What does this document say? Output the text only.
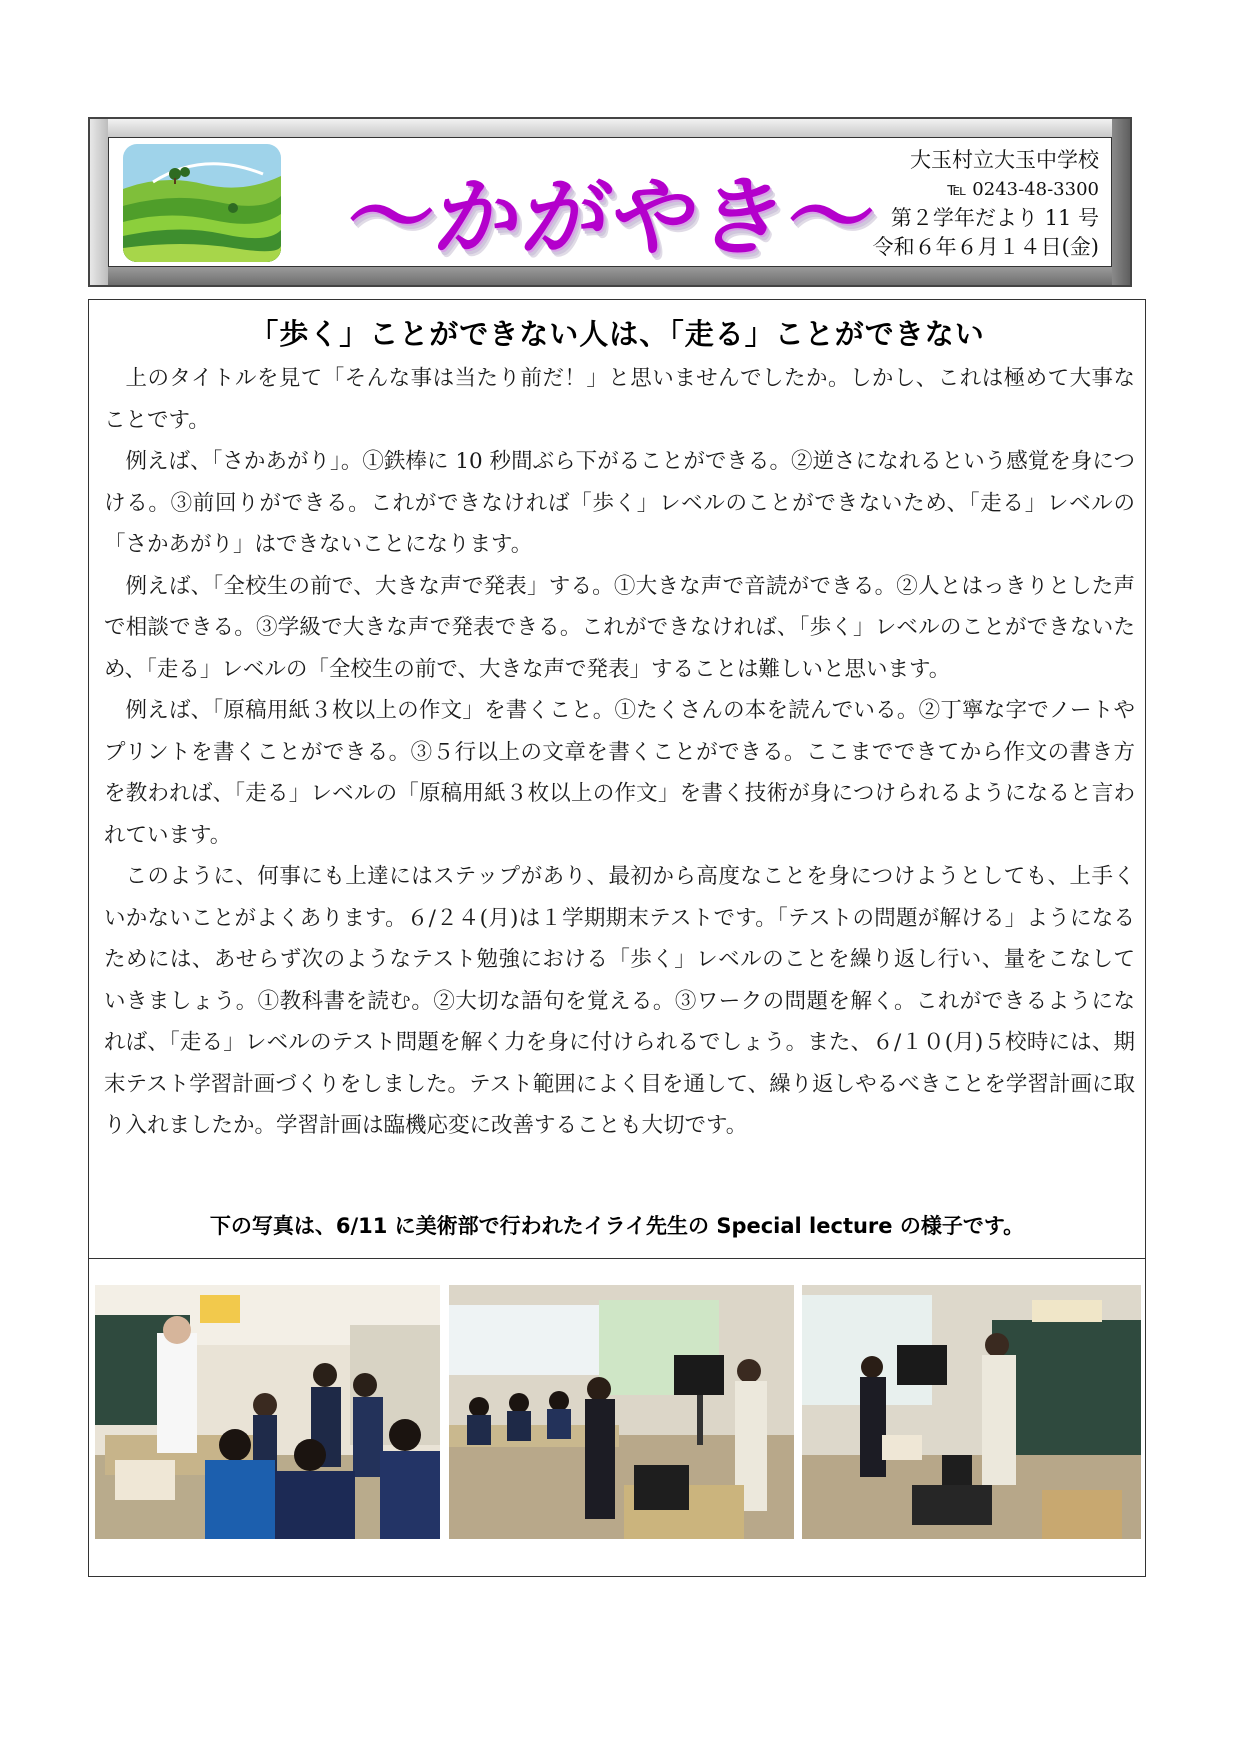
〜かがやき〜
大玉村立大玉中学校
℡ 0243-48-3300
第２学年だより 11 号
令和６年６月１４日(金)
「歩く」ことができない人は、「走る」ことができない

上のタイトルを見て「そんな事は当たり前だ！」と思いませんでしたか。しかし、これは極めて大事なことです。

例えば、「さかあがり」。①鉄棒に 10 秒間ぶら下がることができる。②逆さになれるという感覚を身につける。③前回りができる。これができなければ「歩く」レベルのことができないため、「走る」レベルの「さかあがり」はできないことになります。

例えば、「全校生の前で、大きな声で発表」する。①大きな声で音読ができる。②人とはっきりとした声で相談できる。③学級で大きな声で発表できる。これができなければ、「歩く」レベルのことができないため、「走る」レベルの「全校生の前で、大きな声で発表」することは難しいと思います。

例えば、「原稿用紙３枚以上の作文」を書くこと。①たくさんの本を読んでいる。②丁寧な字でノートやプリントを書くことができる。③５行以上の文章を書くことができる。ここまでできてから作文の書き方を教われば、「走る」レベルの「原稿用紙３枚以上の作文」を書く技術が身につけられるようになると言われています。

このように、何事にも上達にはステップがあり、最初から高度なことを身につけようとしても、上手くいかないことがよくあります。６/２４(月)は１学期期末テストです。「テストの問題が解ける」ようになるためには、あせらず次のようなテスト勉強における「歩く」レベルのことを繰り返し行い、量をこなしていきましょう。①教科書を読む。②大切な語句を覚える。③ワークの問題を解く。これができるようになれば、「走る」レベルのテスト問題を解く力を身に付けられるでしょう。また、６/１０(月)５校時には、期末テスト学習計画づくりをしました。テスト範囲によく目を通して、繰り返しやるべきことを学習計画に取り入れましたか。学習計画は臨機応変に改善することも大切です。

下の写真は、6/11 に美術部で行われたイライ先生の Special lecture の様子です。
